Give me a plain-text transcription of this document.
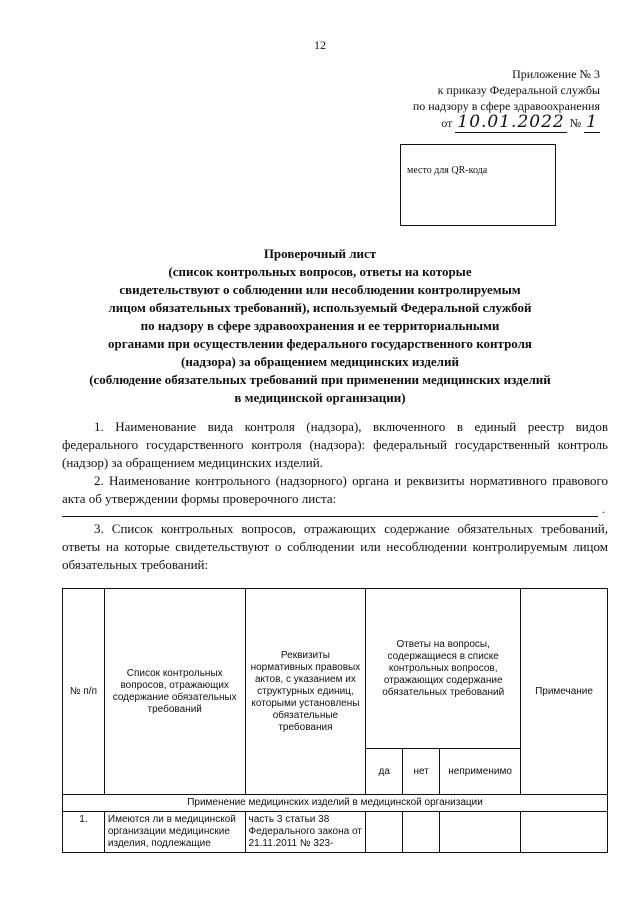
12
Приложение № 3
к приказу Федеральной службы
по надзору в сфере здравоохранения
от 10.01.2022 № 1
место для QR-кода
Проверочный лист
(список контрольных вопросов, ответы на которые
свидетельствуют о соблюдении или несоблюдении контролируемым
лицом обязательных требований), используемый Федеральной службой
по надзору в сфере здравоохранения и ее территориальными
органами при осуществлении федерального государственного контроля
(надзора) за обращением медицинских изделий
(соблюдение обязательных требований при применении медицинских изделий
в медицинской организации)
1. Наименование вида контроля (надзора), включенного в единый реестр видов федерального государственного контроля (надзора): федеральный государственный контроль (надзор) за обращением медицинских изделий.
2. Наименование контрольного (надзорного) органа и реквизиты нормативного правового акта об утверждении формы проверочного листа:
.
3. Список контрольных вопросов, отражающих содержание обязательных требований, ответы на которые свидетельствуют о соблюдении или несоблюдении контролируемым лицом обязательных требований:
№ п/п	Список контрольных вопросов, отражающих содержание обязательных требований	Реквизиты нормативных правовых актов, с указанием их структурных единиц, которыми установлены обязательные требования	Ответы на вопросы, содержащиеся в списке контрольных вопросов, отражающих содержание обязательных требований			Примечание
			да	нет	неприменимо	
Применение медицинских изделий в медицинской организации						
1.	Имеются ли в медицинской организации медицинские изделия, подлежащие	часть 3 статьи 38 Федерального закона от 21.11.2011 № 323-				
